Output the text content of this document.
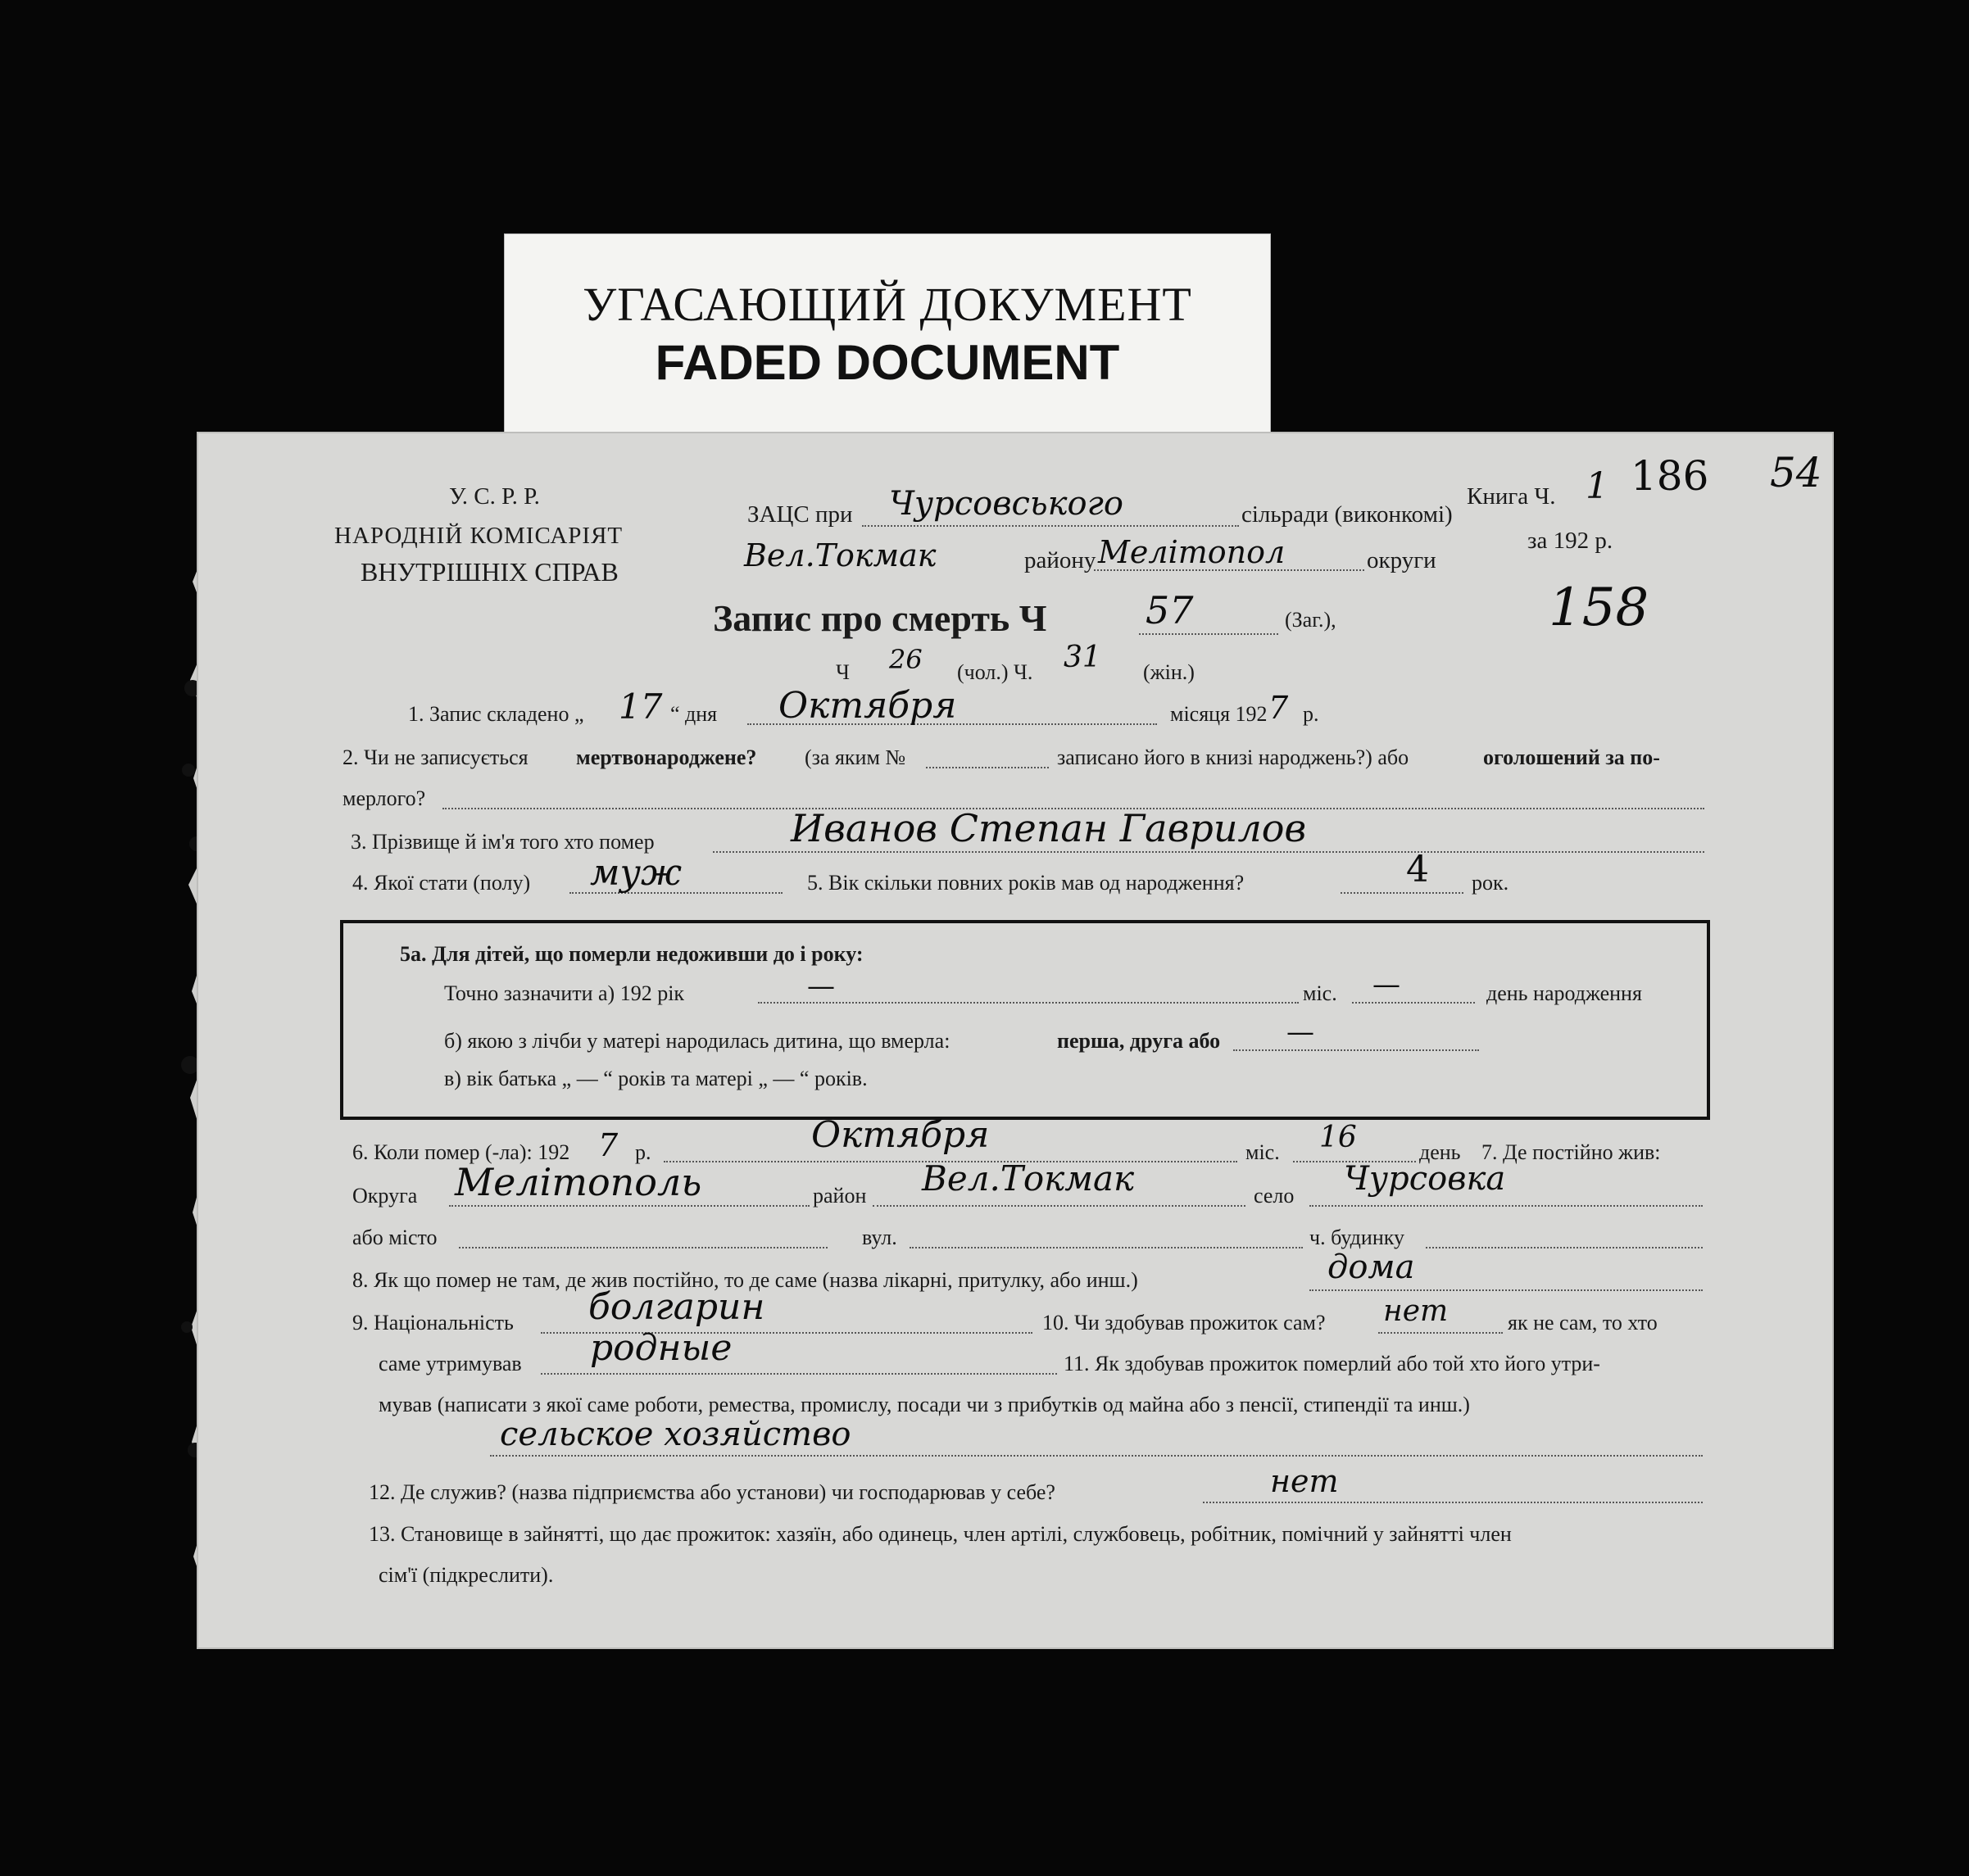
УГАСАЮЩИЙ ДОКУМЕНТ
FADED DOCUMENT
У. С. Р. Р.
НАРОДНІЙ КОМІСАРІЯТ
ВНУТРІШНІХ СПРАВ
ЗАЦС при Чурсовського	сільради (виконкомі)
Вел.Токмак	району Мелітопол	округи
Книга Ч. 1 186 54
за 192 р.
158
Запис про смерть Ч	57	(Заг.),
Ч 26 (чол.) Ч. 31 (жін.)
1. Запис складено „ 17 “ дня Октября	місяця 192 7 р.
2. Чи не записується мертвонароджене? (за яким №	записано його в книзі народжень?) або	оголошений за по-
мерлого?
3. Прізвище й ім'я того хто помер	Иванов Степан Гаврилов
4. Якої стати (полу) муж	5. Вік скільки повних років мав од народження?	4 рок.
5а. Для дітей, що померли недоживши до і року:
Точно зазначити а) 192 рік	—	міс. —	день народження
б) якою з лічби у матері народилась дитина, що вмерла:	перша, друга або —
в) вік батька „ — “ років та матері „ — “ років.
6. Коли помер (-ла): 192 7 р.	Октября	міс. 16	день 7. Де постійно жив:
Округа Мелітополь	район Вел.Токмак	село Чурсовка
або місто	вул.	ч. будинку
8. Як що помер не там, де жив постійно, то де саме (назва лікарні, притулку, або инш.)	дома
9. Національність болгарин	10. Чи здобував прожиток сам? нет	як не сам, то хто
саме утримував родные	11. Як здобував прожиток померлий або той хто його утри-
мував (написати з якої саме роботи, ремества, промислу, посади чи з прибутків од майна або з пенсії, стипендії та инш.)
сельское хозяйство
12. Де служив? (назва підприємства або установи) чи господарював у себе?	нет
13. Становище в зайнятті, що дає прожиток: хазяїн, або одинець, член артілі, службовець, робітник, помічний у зайнятті член
сім'ї (підкреслити).
